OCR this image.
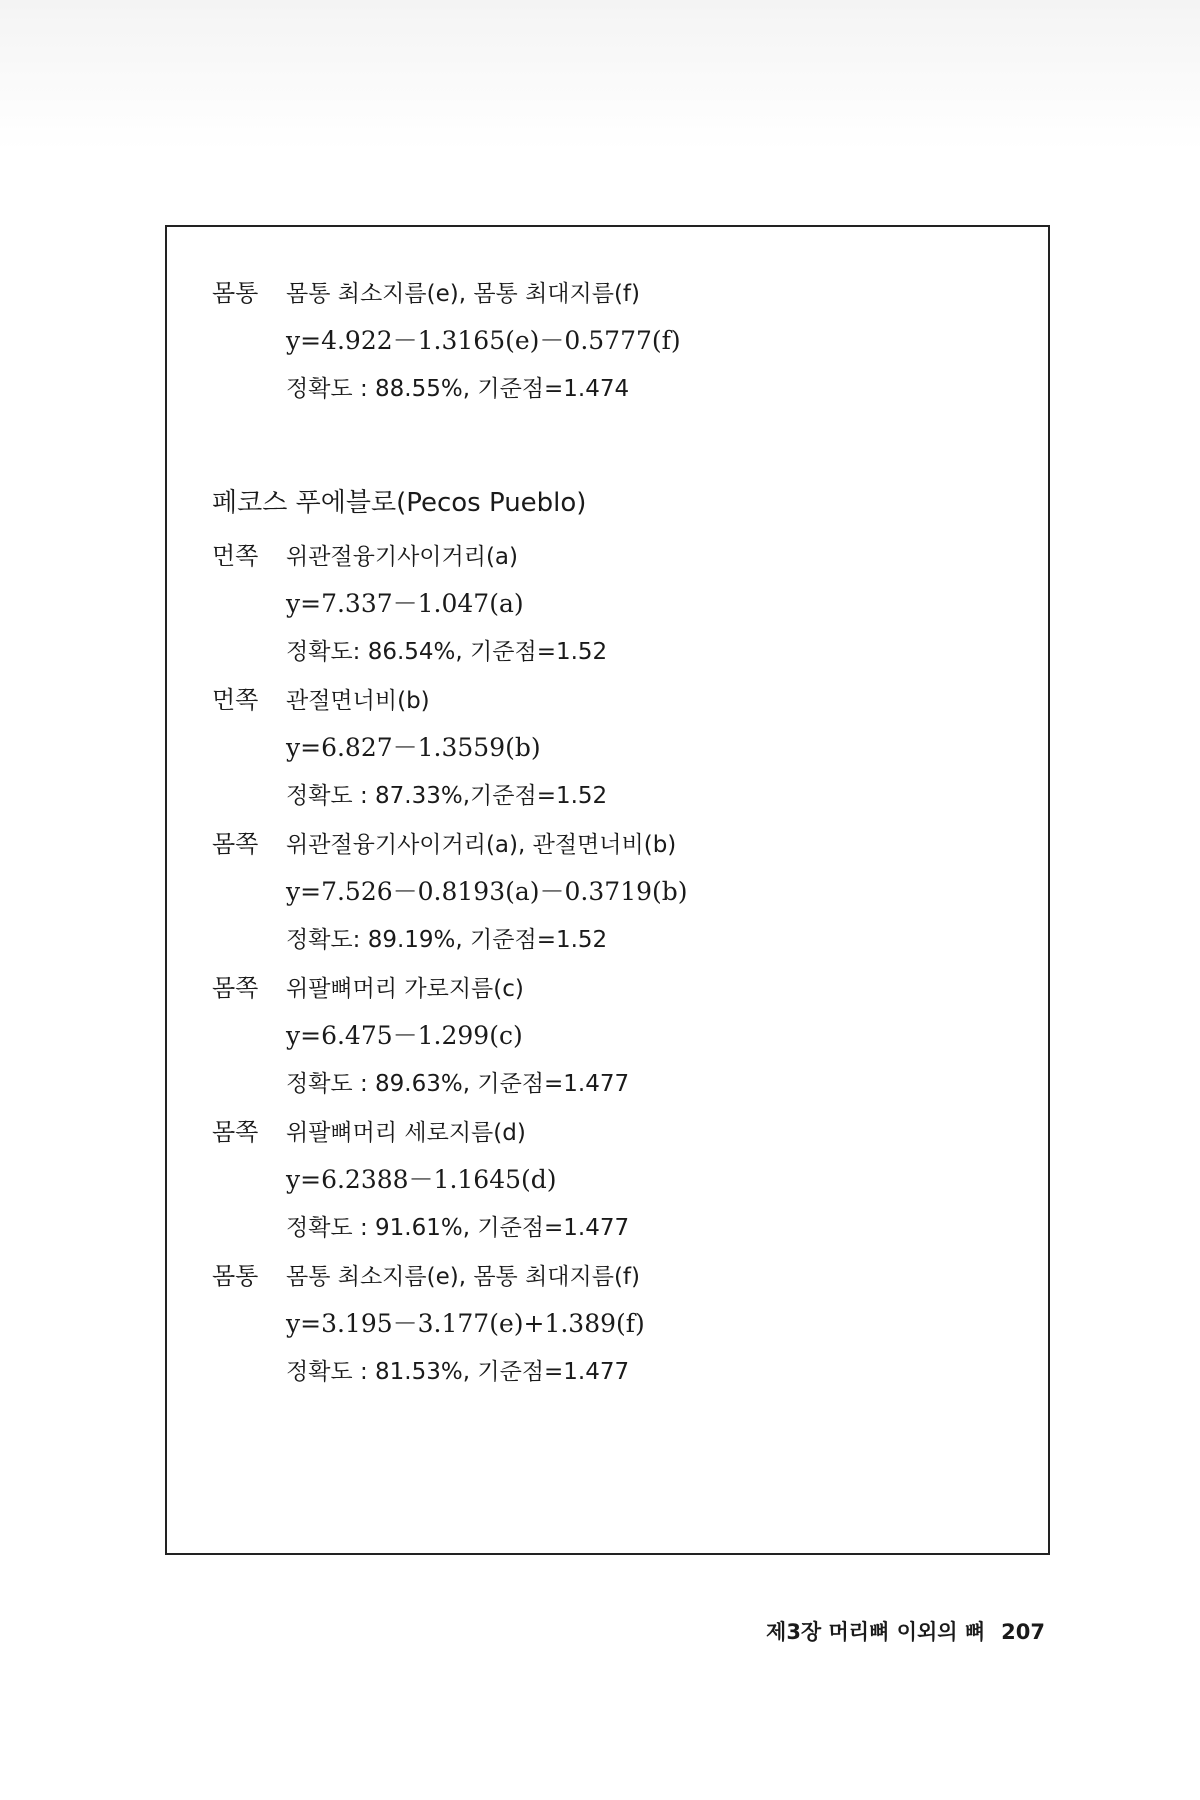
몸통	몸통 최소지름(e), 몸통 최대지름(f)
y=4.922－1.3165(e)－0.5777(f)
정확도 : 88.55%, 기준점=1.474
페코스 푸에블로(Pecos Pueblo)
먼쪽	위관절융기사이거리(a)
y=7.337－1.047(a)
정확도: 86.54%, 기준점=1.52
먼쪽	관절면너비(b)
y=6.827－1.3559(b)
정확도 : 87.33%,기준점=1.52
몸쪽	위관절융기사이거리(a), 관절면너비(b)
y=7.526－0.8193(a)－0.3719(b)
정확도: 89.19%, 기준점=1.52
몸쪽	위팔뼈머리 가로지름(c)
y=6.475－1.299(c)
정확도 : 89.63%, 기준점=1.477
몸쪽	위팔뼈머리 세로지름(d)
y=6.2388－1.1645(d)
정확도 : 91.61%, 기준점=1.477
몸통	몸통 최소지름(e), 몸통 최대지름(f)
y=3.195－3.177(e)+1.389(f)
정확도 : 81.53%, 기준점=1.477
제3장 머리뼈 이외의 뼈 207
